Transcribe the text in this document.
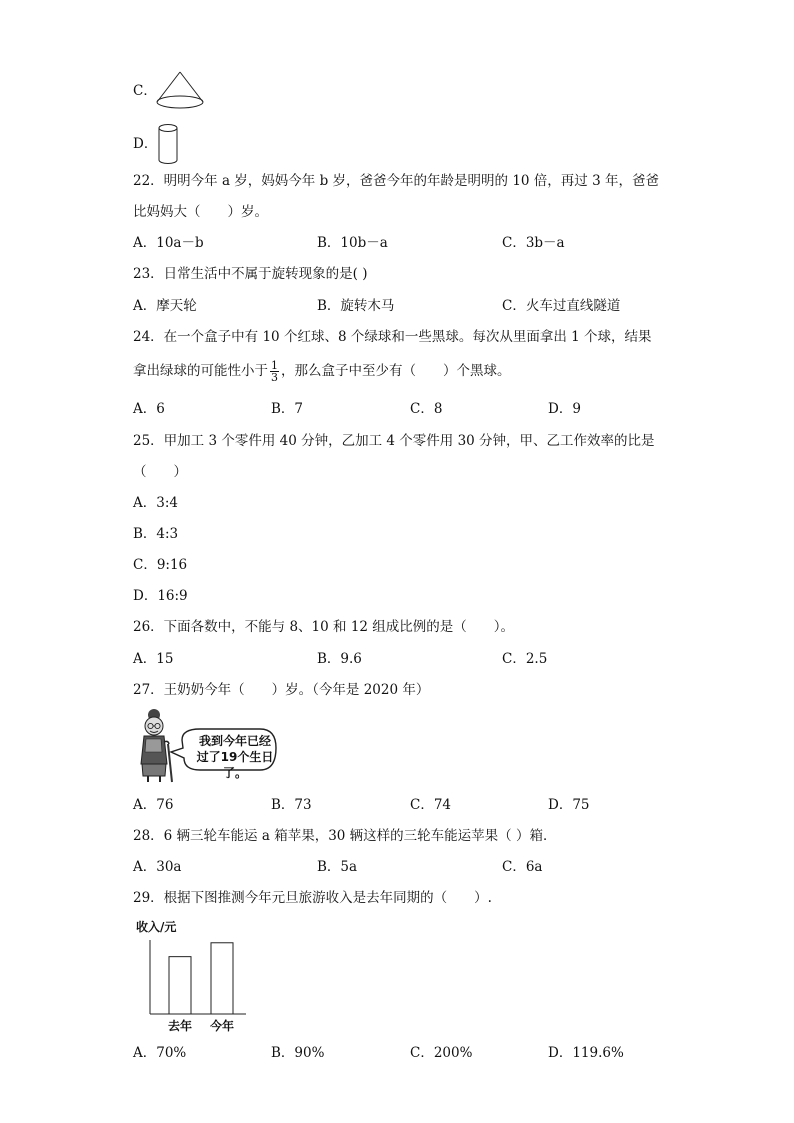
C．
D．
22．明明今年 a 岁，妈妈今年 b 岁，爸爸今年的年龄是明明的 10 倍，再过 3 年，爸爸
比妈妈大（　　）岁。
A．10a－b	B．10b－a	C．3b－a
23．日常生活中不属于旋转现象的是( )
A．摩天轮	B．旋转木马	C．火车过直线隧道
24．在一个盒子中有 10 个红球、8 个绿球和一些黑球。每次从里面拿出 1 个球，结果
拿出绿球的可能性小于 $\frac{1}{3}$ ，那么盒子中至少有（　　）个黑球。
A．6	B．7	C．8	D．9
25．甲加工 3 个零件用 40 分钟，乙加工 4 个零件用 30 分钟，甲、乙工作效率的比是
（　　）
A．3:4
B．4:3
C．9:16
D．16:9
26．下面各数中，不能与 8、10 和 12 组成比例的是（　　）。
A．15	B．9.6	C．2.5
27．王奶奶今年（　　）岁。（今年是 2020 年）
我到今年已经
过了19个生日了。
A．76	B．73	C．74	D．75
28．6 辆三轮车能运 a 箱苹果，30 辆这样的三轮车能运苹果（ ）箱．
A．30a	B．5a	C．6a
29．根据下图推测今年元旦旅游收入是去年同期的（　　）.
收入/元
去年 今年
A．70%	B．90%	C．200%	D．119.6%
